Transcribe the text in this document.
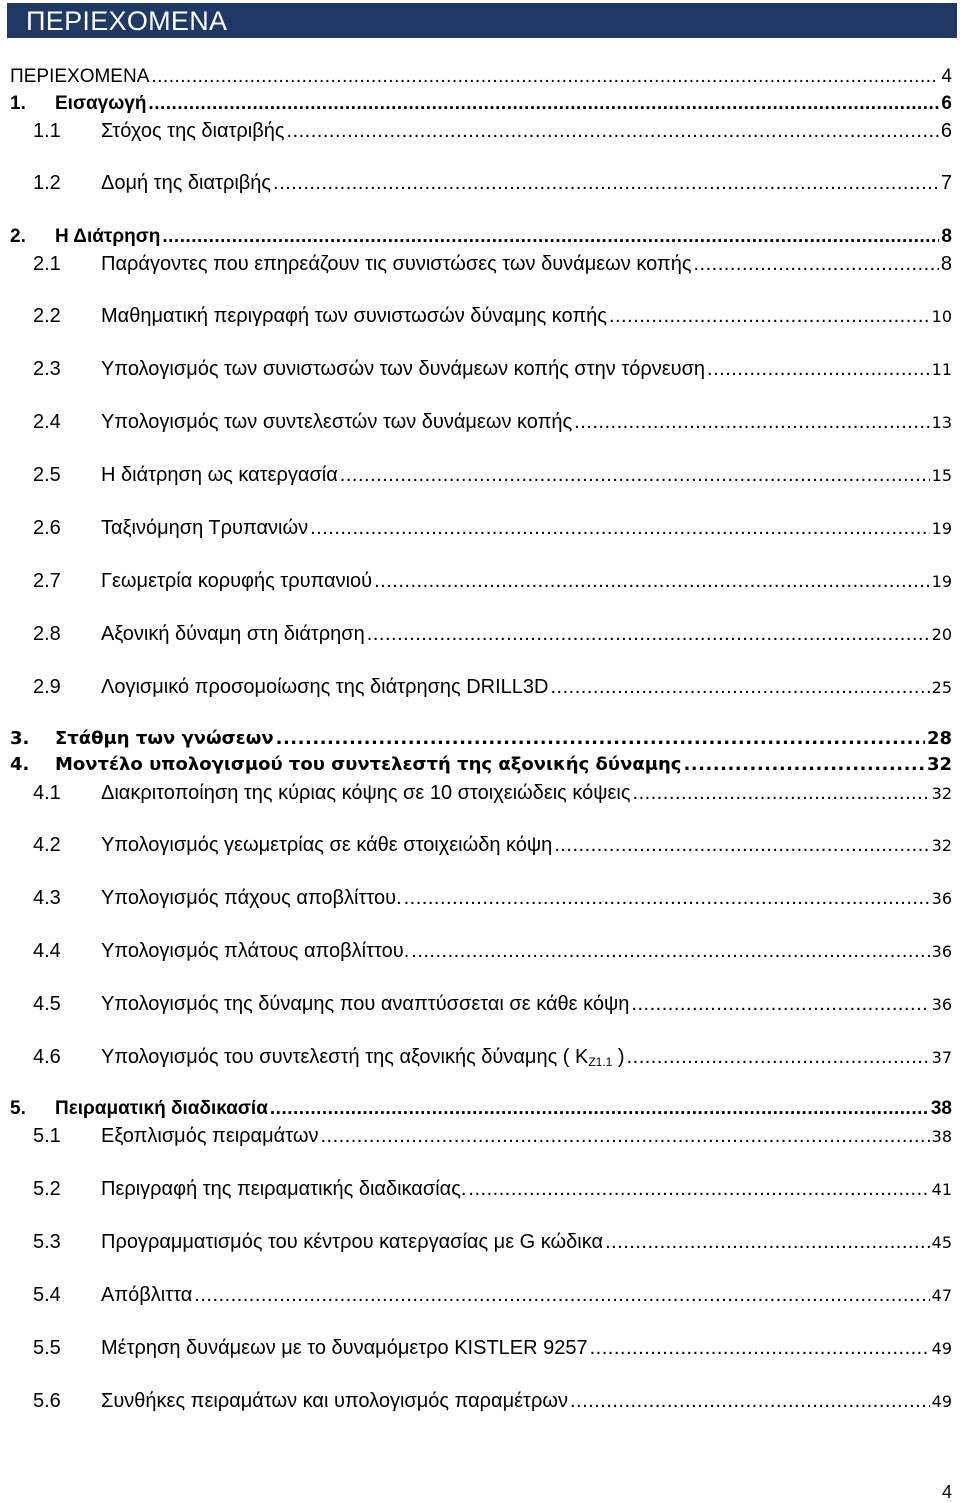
ΠΕΡΙΕΧΟΜΕΝΑ
ΠΕΡΙΕΧΟΜΕΝΑ .....	4
1.	Εισαγωγή .....	6
1.1	Στόχος της διατριβής .....	6
1.2	Δομή της διατριβής .....	7
2.	Η Διάτρηση .....	8
2.1	Παράγοντες που επηρεάζουν τις συνιστώσες των δυνάμεων κοπής .....	8
2.2	Μαθηματική περιγραφή των συνιστωσών δύναμης κοπής .....	10
2.3	Υπολογισμός των συνιστωσών των δυνάμεων κοπής στην τόρνευση .....	11
2.4	Υπολογισμός των συντελεστών των δυνάμεων κοπής .....	13
2.5	Η διάτρηση ως κατεργασία .....	15
2.6	Ταξινόμηση Τρυπανιών .....	19
2.7	Γεωμετρία κορυφής τρυπανιού .....	19
2.8	Αξονική δύναμη στη διάτρηση .....	20
2.9	Λογισμικό προσομοίωσης της διάτρησης DRILL3D .....	25
3.	Στάθμη των γνώσεων .....	28
4.	Μοντέλο υπολογισμού του συντελεστή της αξονικής δύναμης .....	32
4.1	Διακριτοποίηση της κύριας κόψης σε 10 στοιχειώδεις κόψεις .....	32
4.2	Υπολογισμός γεωμετρίας σε κάθε στοιχειώδη κόψη .....	32
4.3	Υπολογισμός πάχους αποβλίττου. .....	36
4.4	Υπολογισμός πλάτους αποβλίττου. .....	36
4.5	Υπολογισμός της δύναμης που αναπτύσσεται σε κάθε κόψη .....	36
4.6	Υπολογισμός του συντελεστή της αξονικής δύναμης ( $K_{Z1.1}$ ) .....	37
5.	Πειραματική διαδικασία .....	38
5.1	Εξοπλισμός πειραμάτων .....	38
5.2	Περιγραφή της πειραματικής διαδικασίας. .....	41
5.3	Προγραμματισμός του κέντρου κατεργασίας με G κώδικα .....	45
5.4	Απόβλιττα .....	47
5.5	Μέτρηση δυνάμεων με το δυναμόμετρο KISTLER 9257 .....	49
5.6	Συνθήκες πειραμάτων και υπολογισμός παραμέτρων .....	49
4
